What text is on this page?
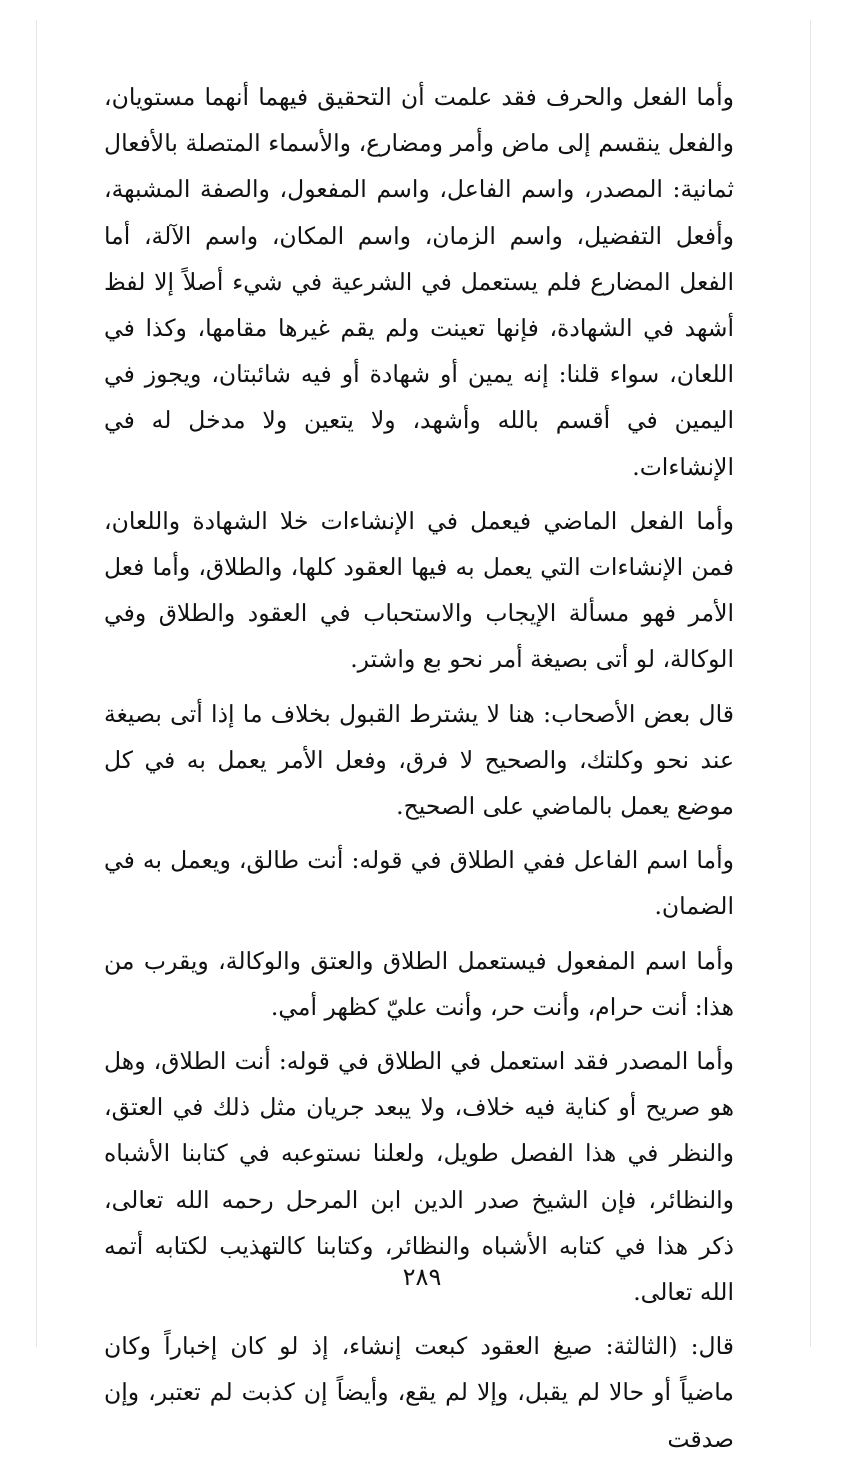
وأما الفعل والحرف فقد علمت أن التحقيق فيهما أنهما مستويان، والفعل ينقسم إلى ماض وأمر ومضارع، والأسماء المتصلة بالأفعال ثمانية: المصدر، واسم الفاعل، واسم المفعول، والصفة المشبهة، وأفعل التفضيل، واسم الزمان، واسم المكان، واسم الآلة، أما الفعل المضارع فلم يستعمل في الشرعية في شيء أصلاً إلا لفظ أشهد في الشهادة، فإنها تعينت ولم يقم غيرها مقامها، وكذا في اللعان، سواء قلنا: إنه يمين أو شهادة أو فيه شائبتان، ويجوز في اليمين في أقسم بالله وأشهد، ولا يتعين ولا مدخل له في الإنشاءات.

وأما الفعل الماضي فيعمل في الإنشاءات خلا الشهادة واللعان، فمن الإنشاءات التي يعمل به فيها العقود كلها، والطلاق، وأما فعل الأمر فهو مسألة الإيجاب والاستحباب في العقود والطلاق وفي الوكالة، لو أتى بصيغة أمر نحو بع واشتر.

قال بعض الأصحاب: هنا لا يشترط القبول بخلاف ما إذا أتى بصيغة عند نحو وكلتك، والصحيح لا فرق، وفعل الأمر يعمل به في كل موضع يعمل بالماضي على الصحيح.

وأما اسم الفاعل ففي الطلاق في قوله: أنت طالق، ويعمل به في الضمان.

وأما اسم المفعول فيستعمل الطلاق والعتق والوكالة، ويقرب من هذا: أنت حرام، وأنت حر، وأنت عليّ كظهر أمي.

وأما المصدر فقد استعمل في الطلاق في قوله: أنت الطلاق، وهل هو صريح أو كناية فيه خلاف، ولا يبعد جريان مثل ذلك في العتق، والنظر في هذا الفصل طويل، ولعلنا نستوعبه في كتابنا الأشباه والنظائر، فإن الشيخ صدر الدين ابن المرحل رحمه الله تعالى، ذكر هذا في كتابه الأشباه والنظائر، وكتابنا كالتهذيب لكتابه أتمه الله تعالى.

قال: (الثالثة: صيغ العقود كبعت إنشاء، إذ لو كان إخباراً وكان ماضياً أو حالا لم يقبل، وإلا لم يقع، وأيضاً إن كذبت لم تعتبر، وإن صدقت

٢٨٩
